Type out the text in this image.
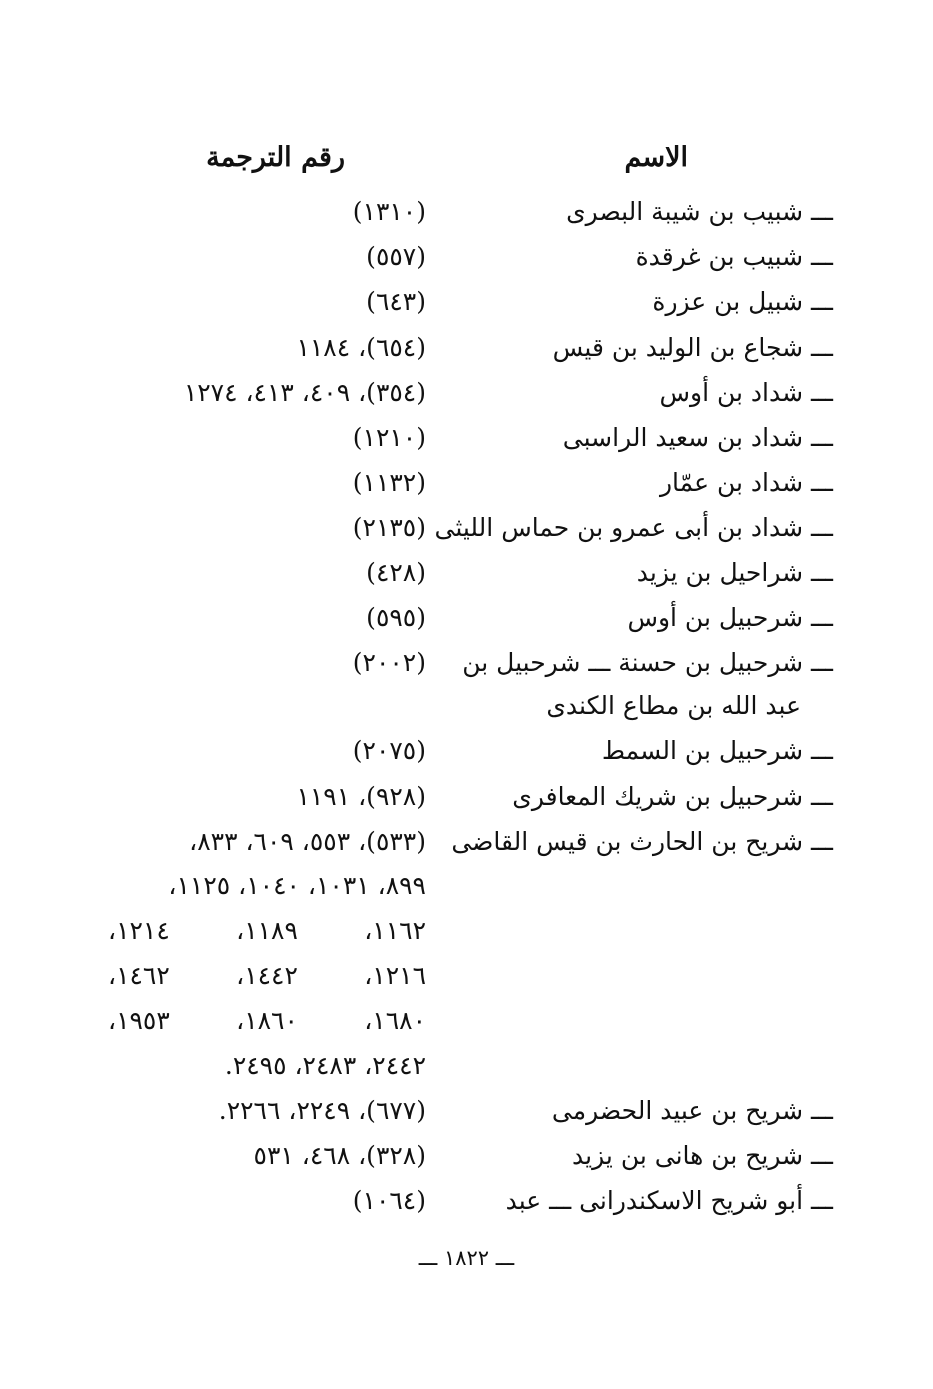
الاسم
رقم الترجمة
ـــ شبيب بن شيبة البصرى
(١٣١٠)
ـــ شبيب بن غرقدة
(٥٥٧)
ـــ شبيل بن عزرة
(٦٤٣)
ـــ شجاع بن الوليد بن قيس
(٦٥٤)، ١١٨٤
ـــ شداد بن أوس
(٣٥٤)، ٤٠٩، ٤١٣، ١٢٧٤
ـــ شداد بن سعيد الراسبى
(١٢١٠)
ـــ شداد بن عمّار
(١١٣٢)
ـــ شداد بن أبى عمرو بن حماس الليثى
(٢١٣٥)
ـــ شراحيل بن يزيد
(٤٢٨)
ـــ شرحبيل بن أوس
(٥٩٥)
ـــ شرحبيل بن حسنة ـــ شرحبيل بن
(٢٠٠٢)
عبد الله بن مطاع الكندى
ـــ شرحبيل بن السمط
(٢٠٧٥)
ـــ شرحبيل بن شريك المعافرى
(٩٢٨)، ١١٩١
ـــ شريح بن الحارث بن قيس القاضى
(٥٣٣)، ٥٥٣، ٦٠٩، ٨٣٣،
٨٩٩، ١٠٣١، ١٠٤٠، ١١٢٥،
١١٦٢، ١١٨٩، ١٢١٤،
١٢١٦، ١٤٤٢، ١٤٦٢،
١٦٨٠، ١٨٦٠، ١٩٥٣،
٢٤٤٢، ٢٤٨٣، ٢٤٩٥.
ـــ شريح بن عبيد الحضرمى
(٦٧٧)، ٢٢٤٩، ٢٢٦٦.
ـــ شريح بن هانى بن يزيد
(٣٢٨)، ٤٦٨، ٥٣١
ـــ أبو شريح الاسكندرانى ـــ عبد
(١٠٦٤)
ـــ ١٨٢٢ ـــ
